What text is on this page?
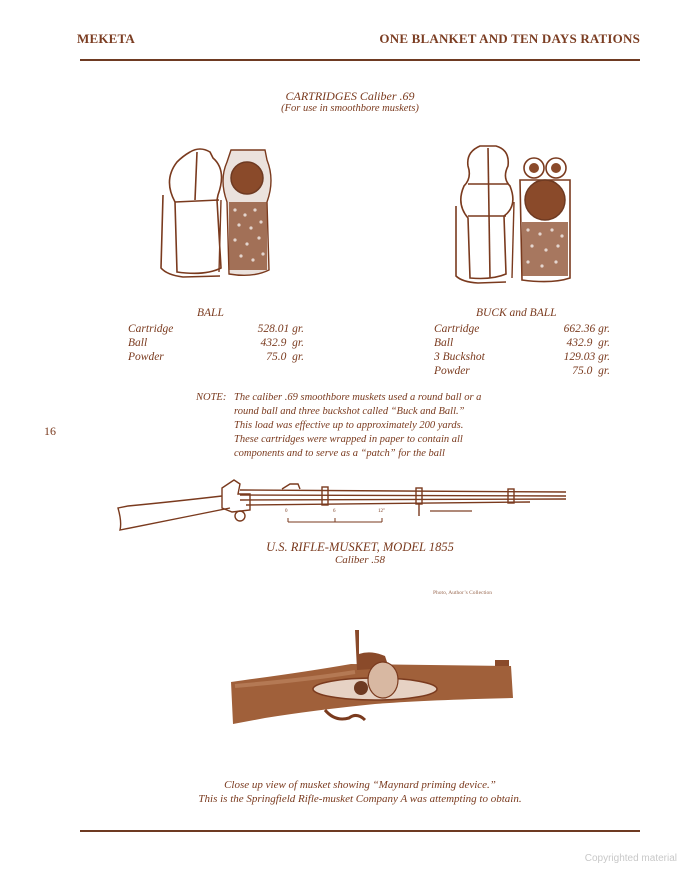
MEKETA	ONE BLANKET AND TEN DAYS RATIONS
16
CARTRIDGES Caliber .69
(For use in smoothbore muskets)
BALL
Cartridge	528.01 gr.
Ball	432.9  gr.
Powder	75.0  gr.
BUCK and BALL
Cartridge	662.36 gr.
Ball	432.9  gr.
3 Buckshot	129.03 gr.
Powder	75.0  gr.
NOTE: The caliber .69 smoothbore muskets used a round ball or a
round ball and three buckshot called “Buck and Ball.”
This load was effective up to approximately 200 yards.
These cartridges were wrapped in paper to contain all
components and to serve as a “patch” for the ball
0	6	12″
U.S. RIFLE-MUSKET, MODEL 1855
Caliber .58
Photo, Author’s Collection
Close up view of musket showing “Maynard priming device.”
This is the Springfield Rifle-musket Company A was attempting to obtain.
Copyrighted material
